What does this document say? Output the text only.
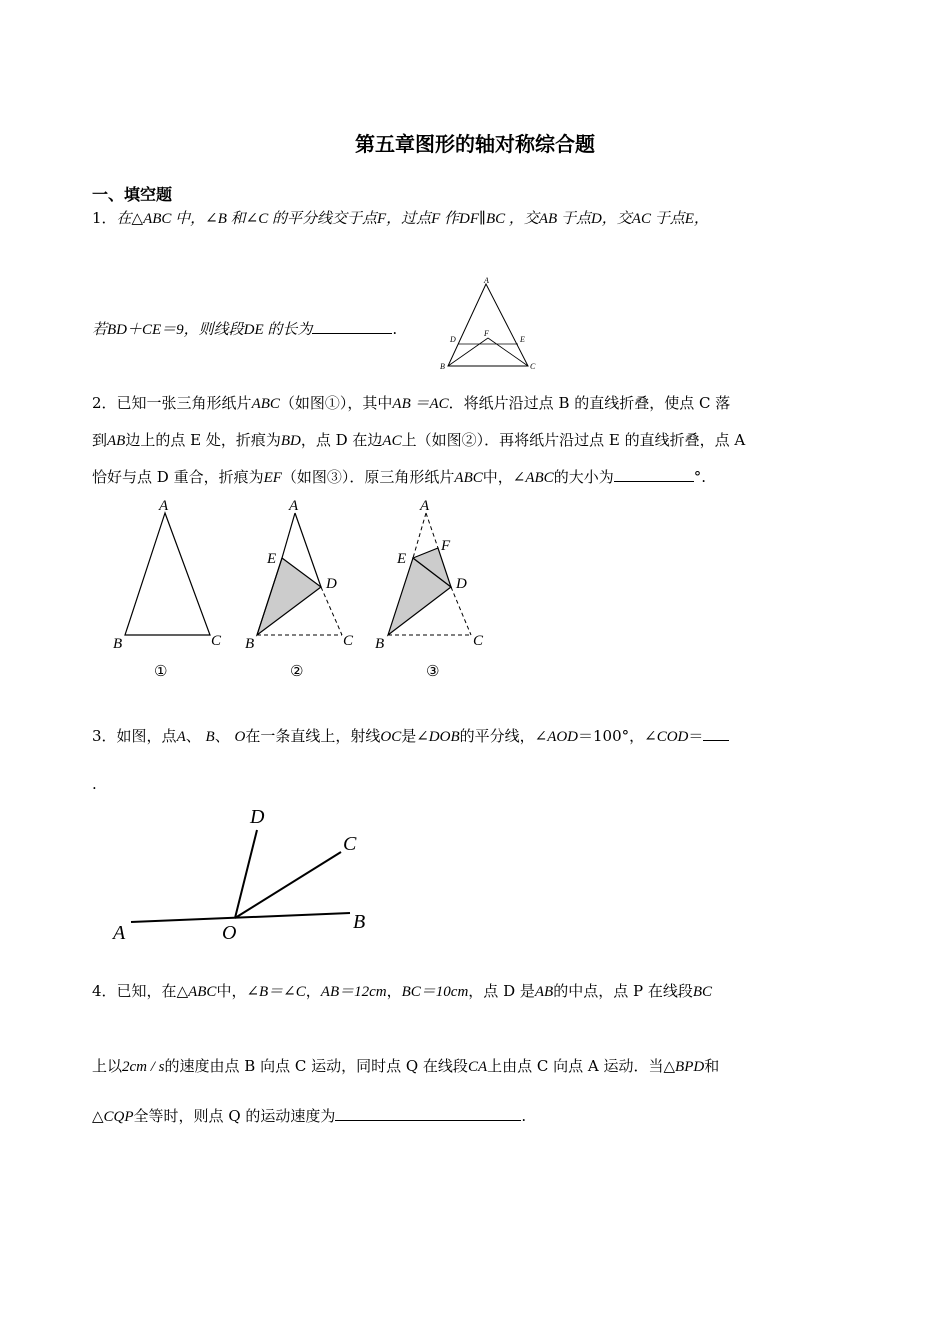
第五章图形的轴对称综合题
一、填空题
1．在△ABC 中，∠B 和∠C 的平分线交于点F，过点F 作DF∥BC ，交AB 于点D，交AC 于点E，
若BD＋CE＝9，则线段DE 的长为	.
A
B	C
D	E
F
2．已知一张三角形纸片ABC（如图①），其中AB ＝AC．将纸片沿过点 B 的直线折叠，使点 C 落
到AB边上的点 E 处，折痕为BD，点 D 在边AC上（如图②）．再将纸片沿过点 E 的直线折叠，点 A
恰好与点 D 重合，折痕为EF（如图③）．原三角形纸片ABC中，∠ABC的大小为	°.
A
B	C
①
A
B	C
D
E
②
A
B	C
D
E
F
③
3．如图，点A、 B、 O在一条直线上，射线OC是∠DOB的平分线，∠AOD＝100°，∠COD＝
.
A	O	B
C
D
4．已知，在△ABC中，∠B＝∠C，AB＝12cm，BC＝10cm，点 D 是AB的中点，点 P 在线段BC
上以2cm / s的速度由点 B 向点 C 运动，同时点 Q 在线段CA上由点 C 向点 A 运动．当△BPD和
△CQP全等时，则点 Q 的运动速度为	.
